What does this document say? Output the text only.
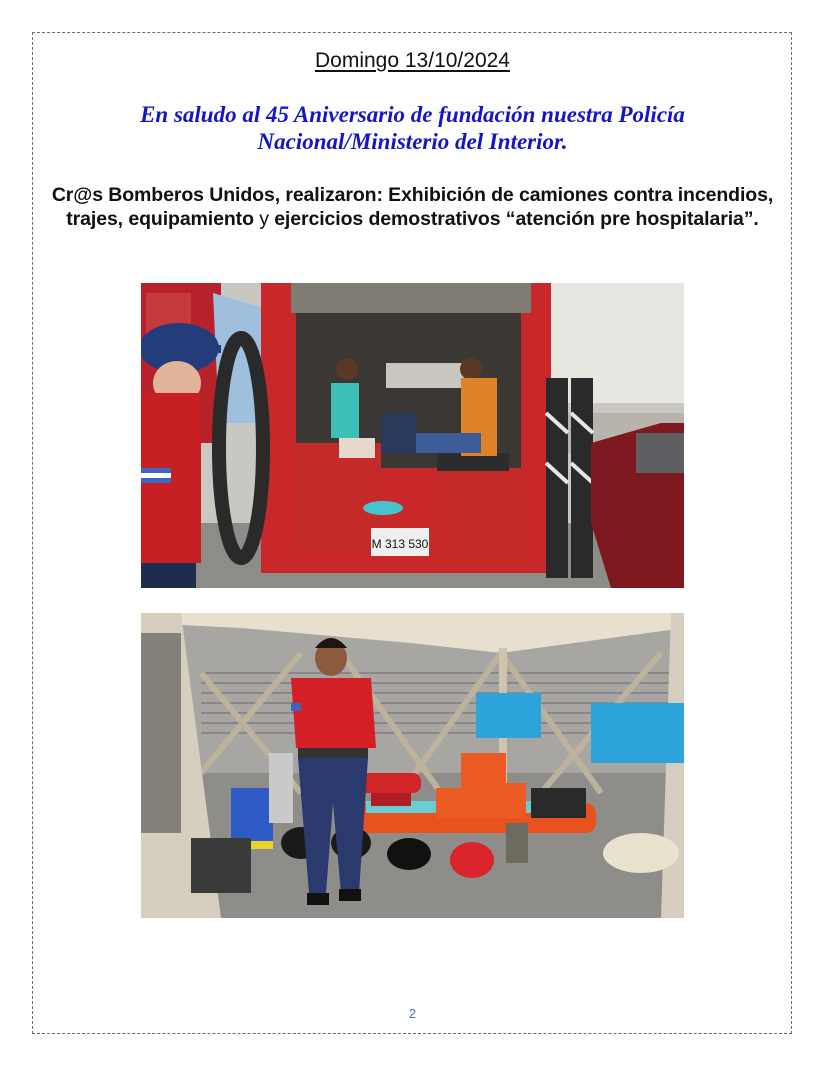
Domingo 13/10/2024
En saludo al 45 Aniversario de fundación nuestra Policía
Nacional/Ministerio del Interior.
Cr@s Bomberos Unidos, realizaron: Exhibición de camiones contra incendios, trajes, equipamiento y ejercicios demostrativos “atención pre hospitalaria”.
M 313 530
2
